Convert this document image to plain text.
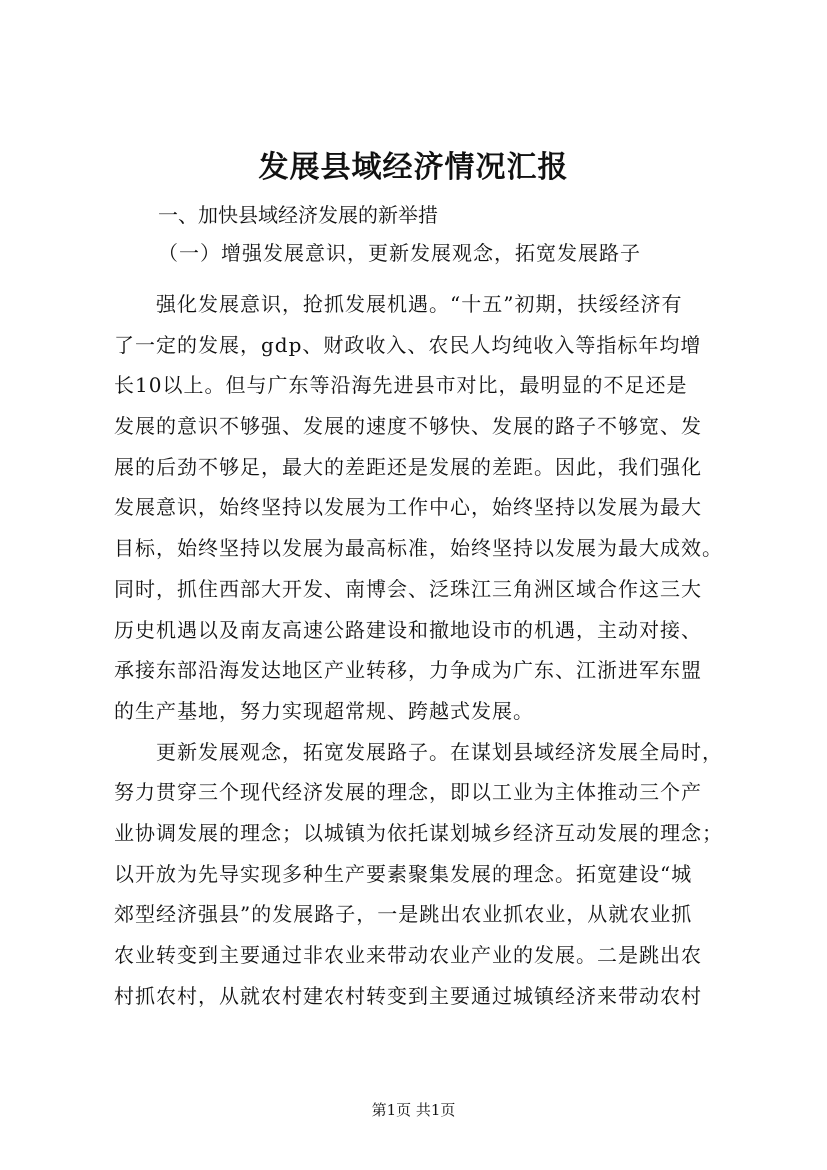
发展县域经济情况汇报
一、加快县域经济发展的新举措
（一）增强发展意识，更新发展观念，拓宽发展路子
强化发展意识，抢抓发展机遇。“十五”初期，扶绥经济有
了一定的发展，gdp、财政收入、农民人均纯收入等指标年均增
长10以上。但与广东等沿海先进县市对比，最明显的不足还是
发展的意识不够强、发展的速度不够快、发展的路子不够宽、发
展的后劲不够足，最大的差距还是发展的差距。因此，我们强化
发展意识，始终坚持以发展为工作中心，始终坚持以发展为最大
目标，始终坚持以发展为最高标准，始终坚持以发展为最大成效。
同时，抓住西部大开发、南博会、泛珠江三角洲区域合作这三大
历史机遇以及南友高速公路建设和撤地设市的机遇，主动对接、
承接东部沿海发达地区产业转移，力争成为广东、江浙进军东盟
的生产基地，努力实现超常规、跨越式发展。
更新发展观念，拓宽发展路子。在谋划县域经济发展全局时，
努力贯穿三个现代经济发展的理念，即以工业为主体推动三个产
业协调发展的理念；以城镇为依托谋划城乡经济互动发展的理念；
以开放为先导实现多种生产要素聚集发展的理念。拓宽建设“城
郊型经济强县”的发展路子，一是跳出农业抓农业，从就农业抓
农业转变到主要通过非农业来带动农业产业的发展。二是跳出农
村抓农村，从就农村建农村转变到主要通过城镇经济来带动农村
第1页 共1页
